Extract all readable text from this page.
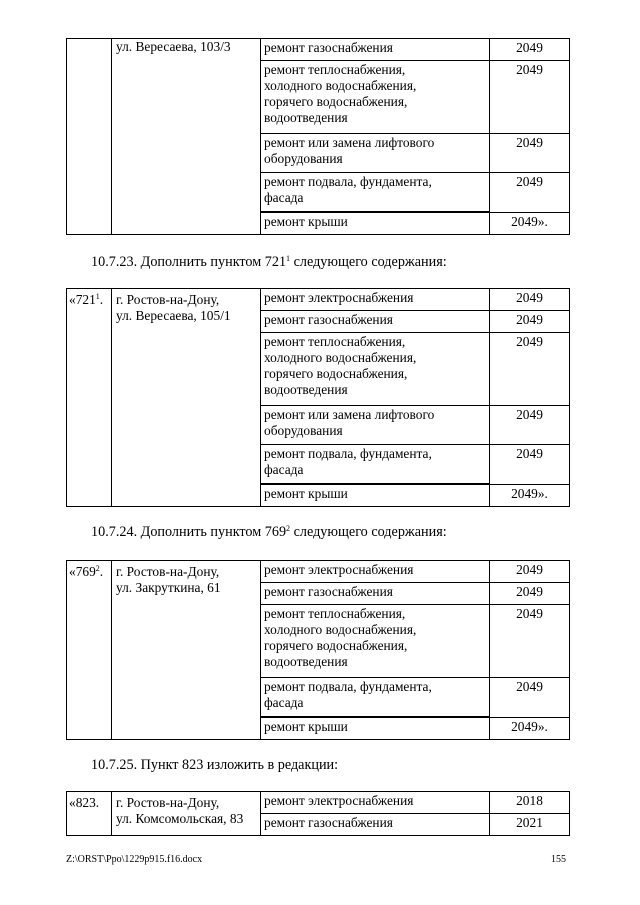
	ул. Вересаева, 103/3	ремонт газоснабжения	2049
		ремонт теплоснабжения,
холодного водоснабжения,
горячего водоснабжения,
водоотведения	2049
		ремонт или замена лифтового
оборудования	2049
		ремонт подвала, фундамента,
фасада	2049
		ремонт крыши	2049».
10.7.23. Дополнить пунктом $721^1$ следующего содержания:
«$721^1$.	г. Ростов-на-Дону,
ул. Вересаева, 105/1	ремонт электроснабжения	2049
		ремонт газоснабжения	2049
		ремонт теплоснабжения,
холодного водоснабжения,
горячего водоснабжения,
водоотведения	2049
		ремонт или замена лифтового
оборудования	2049
		ремонт подвала, фундамента,
фасада	2049
		ремонт крыши	2049».
10.7.24. Дополнить пунктом $769^2$ следующего содержания:
«$769^2$.	г. Ростов-на-Дону,
ул. Закруткина, 61	ремонт электроснабжения	2049
		ремонт газоснабжения	2049
		ремонт теплоснабжения,
холодного водоснабжения,
горячего водоснабжения,
водоотведения	2049
		ремонт подвала, фундамента,
фасада	2049
		ремонт крыши	2049».
10.7.25. Пункт 823 изложить в редакции:
«823.	г. Ростов-на-Дону,
ул. Комсомольская, 83	ремонт электроснабжения	2018
		ремонт газоснабжения	2021
Z:\ORST\Ppo\1229p915.f16.docx	155
